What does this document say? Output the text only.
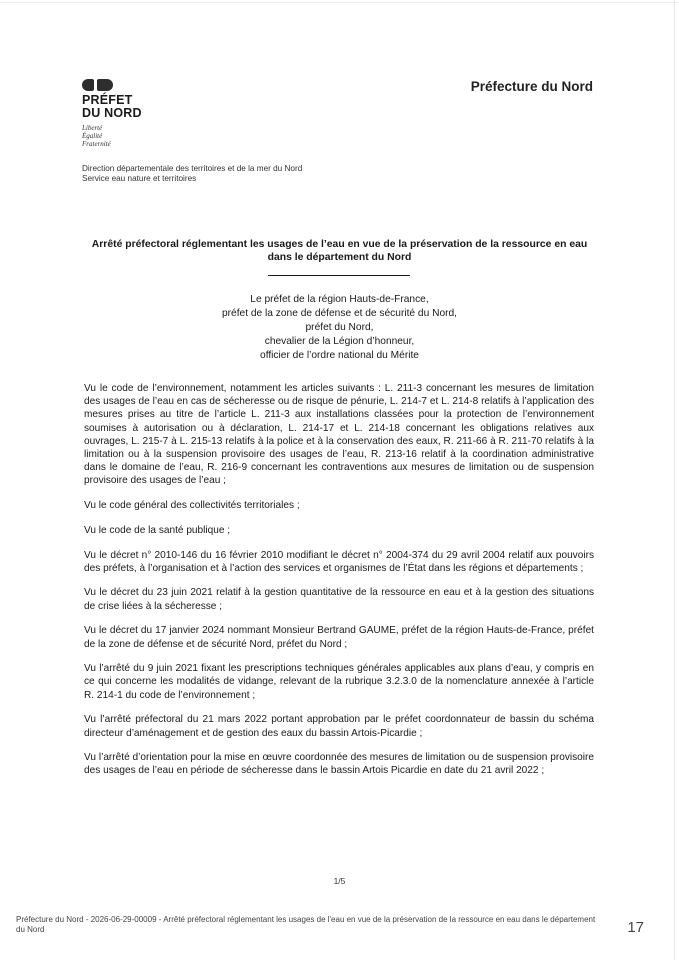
PRÉFET
DU NORD
Liberté
Égalité
Fraternité
Préfecture du Nord
Direction départementale des territoires et de la mer du Nord
Service eau nature et territoires
Arrêté préfectoral réglementant les usages de l’eau en vue de la préservation de la ressource en eau dans le département du Nord
Le préfet de la région Hauts-de-France,
préfet de la zone de défense et de sécurité du Nord,
préfet du Nord,
chevalier de la Légion d’honneur,
officier de l’ordre national du Mérite

Vu le code de l’environnement, notamment les articles suivants : L. 211-3 concernant les mesures de limitation des usages de l’eau en cas de sécheresse ou de risque de pénurie, L. 214-7 et L. 214-8 relatifs à l’application des mesures prises au titre de l’article L. 211-3 aux installations classées pour la protection de l’environnement soumises à autorisation ou à déclaration, L. 214-17 et L. 214-18 concernant les obligations relatives aux ouvrages, L. 215-7 à L. 215-13 relatifs à la police et à la conservation des eaux, R. 211-66 à R. 211-70 relatifs à la limitation ou à la suspension provisoire des usages de l’eau, R. 213-16 relatif à la coordination administrative dans le domaine de l’eau, R. 216-9 concernant les contraventions aux mesures de limitation ou de suspension provisoire des usages de l’eau ;

Vu le code général des collectivités territoriales ;

Vu le code de la santé publique ;

Vu le décret n° 2010-146 du 16 février 2010 modifiant le décret n° 2004-374 du 29 avril 2004 relatif aux pouvoirs des préfets, à l’organisation et à l’action des services et organismes de l’État dans les régions et départements ;

Vu le décret du 23 juin 2021 relatif à la gestion quantitative de la ressource en eau et à la gestion des situations de crise liées à la sécheresse ;

Vu le décret du 17 janvier 2024 nommant Monsieur Bertrand GAUME, préfet de la région Hauts-de-France, préfet de la zone de défense et de sécurité Nord, préfet du Nord ;

Vu l’arrêté du 9 juin 2021 fixant les prescriptions techniques générales applicables aux plans d’eau, y compris en ce qui concerne les modalités de vidange, relevant de la rubrique 3.2.3.0 de la nomenclature annexée à l’article R. 214-1 du code de l’environnement ;

Vu l’arrêté préfectoral du 21 mars 2022 portant approbation par le préfet coordonnateur de bassin du schéma directeur d’aménagement et de gestion des eaux du bassin Artois-Picardie ;

Vu l’arrêté d’orientation pour la mise en œuvre coordonnée des mesures de limitation ou de suspension provisoire des usages de l’eau en période de sécheresse dans le bassin Artois Picardie en date du 21 avril 2022 ;

1/5
Préfecture du Nord - 2026-06-29-00009 - Arrêté préfectoral réglementant les usages de l'eau en vue de la préservation de la ressource en eau dans le département du Nord	17
